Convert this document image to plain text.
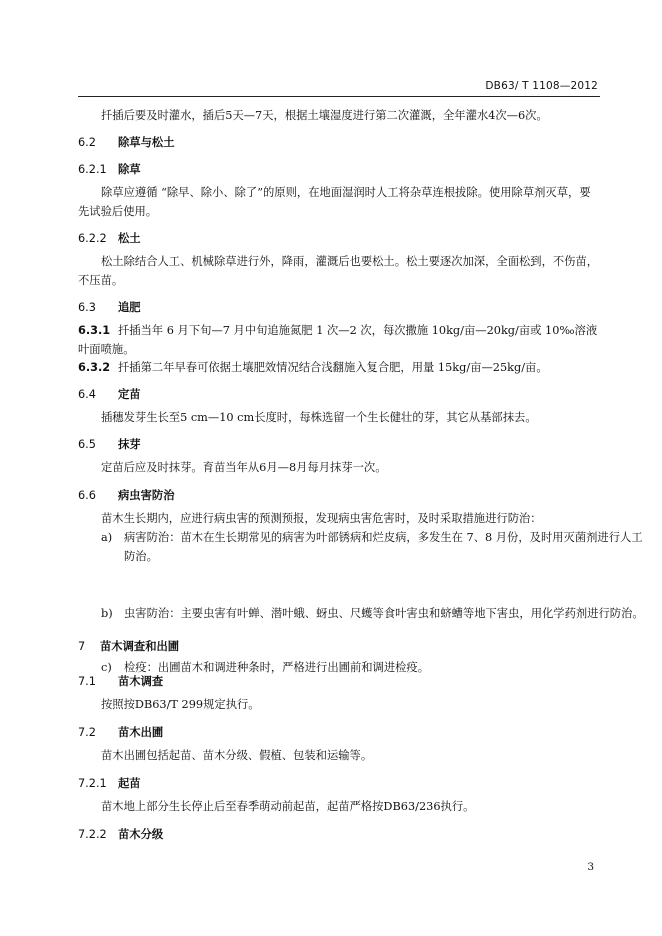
DB63/ T 1108—2012
扦插后要及时灌水，插后5天—7天，根据土壤湿度进行第二次灌溉，全年灌水4次—6次。
6.2 除草与松土
6.2.1 除草
除草应遵循 “除早、除小、除了”的原则，在地面湿润时人工将杂草连根拔除。使用除草剂灭草，要先试验后使用。
6.2.2 松土
松土除结合人工、机械除草进行外，降雨，灌溉后也要松土。松土要逐次加深，全面松到，不伤苗，不压苗。
6.3 追肥
6.3.1 扦插当年 6 月下旬—7 月中旬追施氮肥 1 次—2 次，每次撒施 10kg/亩—20kg/亩或 10‰溶液叶面喷施。
6.3.2 扦插第二年早春可依据土壤肥效情况结合浅翻施入复合肥，用量 15kg/亩—25kg/亩。
6.4 定苗
插穗发芽生长至5 cm—10 cm长度时，每株选留一个生长健壮的芽，其它从基部抹去。
6.5 抹芽
定苗后应及时抹芽。育苗当年从6月—8月每月抹芽一次。
6.6 病虫害防治
苗木生长期内，应进行病虫害的预测预报，发现病虫害危害时，及时采取措施进行防治：
a) 病害防治：苗木在生长期常见的病害为叶部锈病和烂皮病，多发生在 7、8 月份，及时用灭菌剂进行人工防治。
b) 虫害防治：主要虫害有叶蝉、潜叶蛾、蚜虫、尺蠖等食叶害虫和蛴螬等地下害虫，用化学药剂进行防治。
c) 检疫：出圃苗木和调进种条时，严格进行出圃前和调进检疫。
7 苗木调查和出圃
7.1 苗木调查
按照按DB63/T 299规定执行。
7.2 苗木出圃
苗木出圃包括起苗、苗木分级、假植、包装和运输等。
7.2.1 起苗
苗木地上部分生长停止后至春季萌动前起苗，起苗严格按DB63/236执行。
7.2.2 苗木分级
3
